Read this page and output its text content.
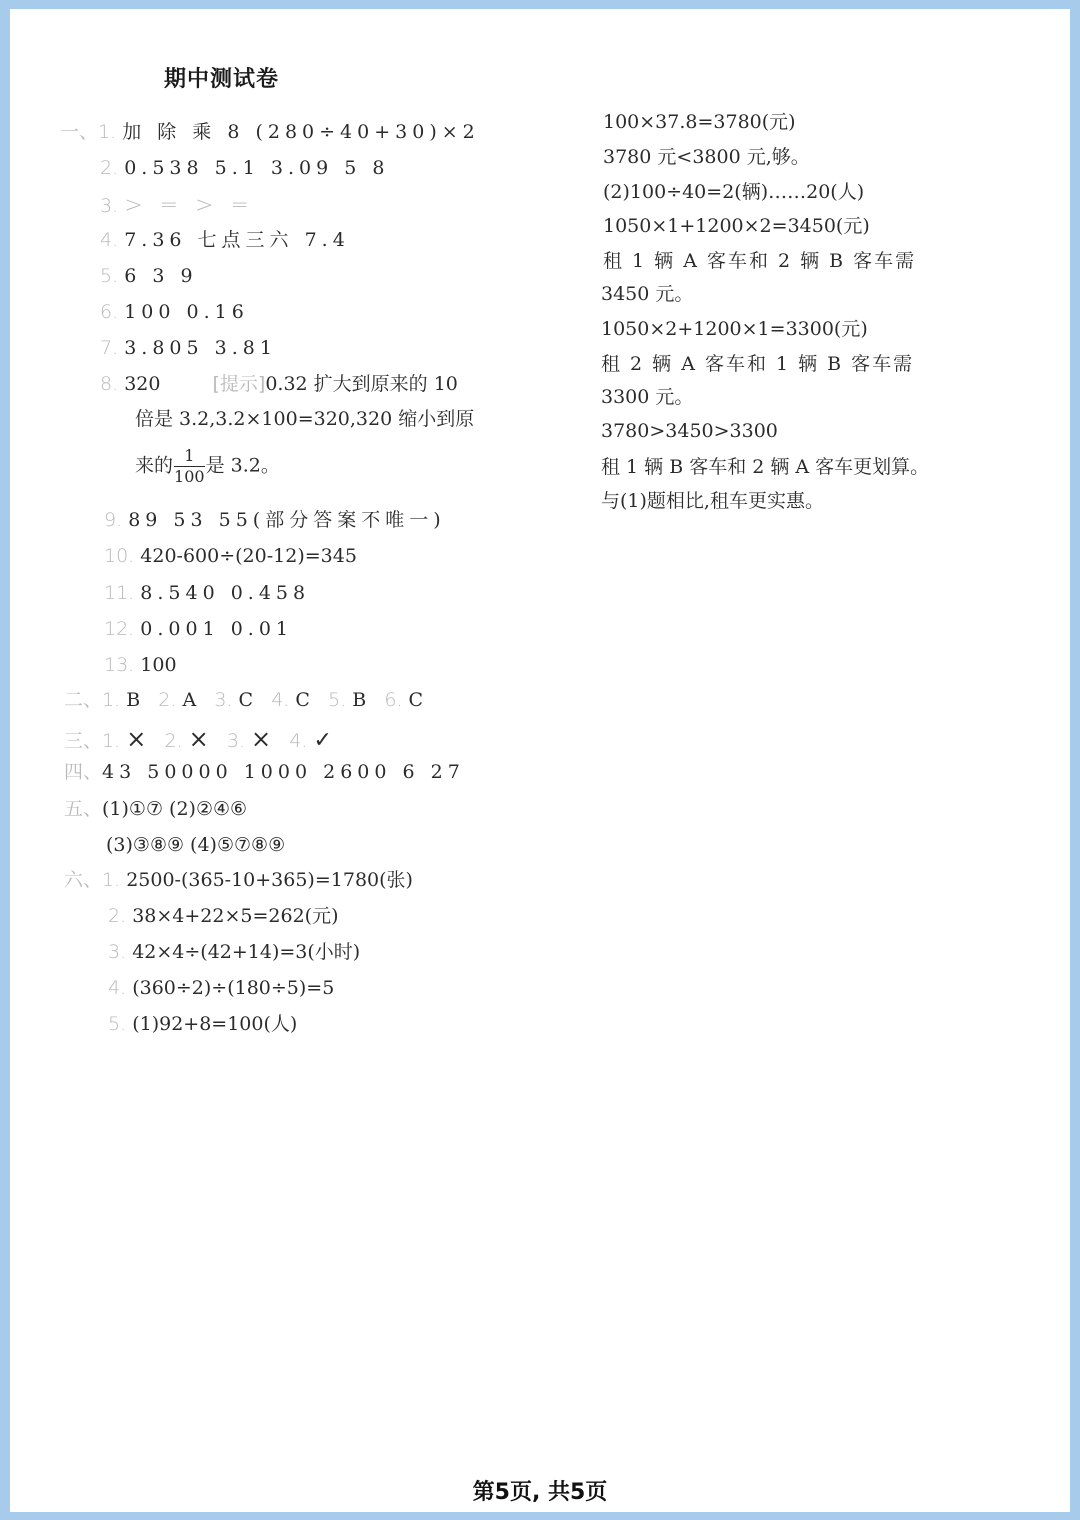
期中测试卷
一、1. 加 除 乘 8 (280÷40+30)×2
2. 0.538 5.1 3.09 5 8
3. > = > =
4. 7.36 七点三六 7.4
5. 6 3 9
6. 100 0.16
7. 3.805 3.81
8. 320	[提示]0.32 扩大到原来的 10
倍是 3.2,3.2×100=320,320 缩小到原
来的 $\frac{1}{100}$ 是 3.2。
9. 89 53 55(部分答案不唯一)
10. 420-600÷(20-12)=345
11. 8.540 0.458
12. 0.001 0.01
13. 100
二、1. B 2. A 3. C 4. C 5. B 6. C
三、1. × 2. × 3. × 4. ✓
四、43 50000 1000 2600 6 27
五、(1)①⑦ (2)②④⑥
(3)③⑧⑨ (4)⑤⑦⑧⑨
六、1. 2500-(365-10+365)=1780(张)
2. 38×4+22×5=262(元)
3. 42×4÷(42+14)=3(小时)
4. (360÷2)÷(180÷5)=5
5. (1)92+8=100(人)
100×37.8=3780(元)
3780 元<3800 元,够。
(2)100÷40=2(辆)……20(人)
1050×1+1200×2=3450(元)
租 1 辆 A 客车和 2 辆 B 客车需
3450 元。
1050×2+1200×1=3300(元)
租 2 辆 A 客车和 1 辆 B 客车需
3300 元。
3780>3450>3300
租 1 辆 B 客车和 2 辆 A 客车更划算。
与(1)题相比,租车更实惠。
第5页, 共5页
